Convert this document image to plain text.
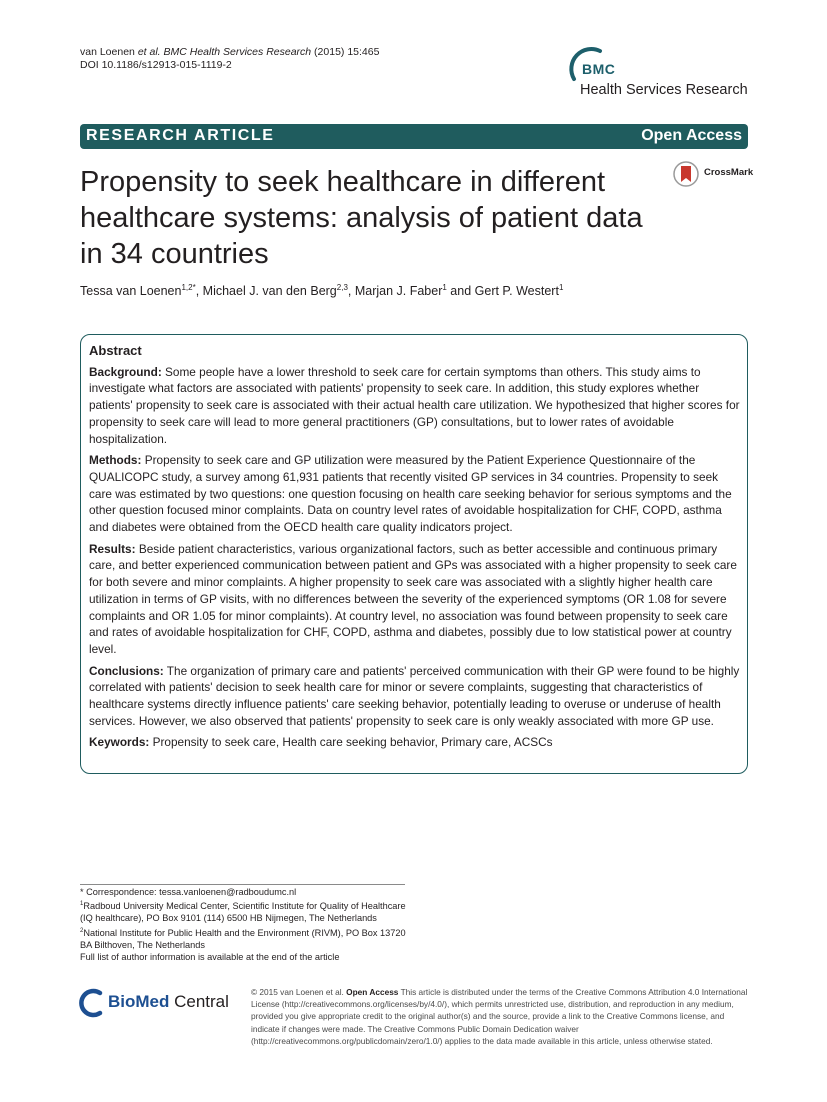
van Loenen et al. BMC Health Services Research (2015) 15:465
DOI 10.1186/s12913-015-1119-2	BMC
Health Services Research
RESEARCH ARTICLE	Open Access
CrossMark
Propensity to seek healthcare in different healthcare systems: analysis of patient data in 34 countries
Tessa van Loenen$^{1,2*}$, Michael J. van den Berg$^{2,3}$, Marjan J. Faber$^1$ and Gert P. Westert$^1$
Abstract

Background: Some people have a lower threshold to seek care for certain symptoms than others. This study aims to investigate what factors are associated with patients' propensity to seek care. In addition, this study explores whether patients' propensity to seek care is associated with their actual health care utilization. We hypothesized that higher scores for propensity to seek care will lead to more general practitioners (GP) consultations, but to lower rates of avoidable hospitalization.

Methods: Propensity to seek care and GP utilization were measured by the Patient Experience Questionnaire of the QUALICOPC study, a survey among 61,931 patients that recently visited GP services in 34 countries. Propensity to seek care was estimated by two questions: one question focusing on health care seeking behavior for serious symptoms and the other question focused minor complaints. Data on country level rates of avoidable hospitalization for CHF, COPD, asthma and diabetes were obtained from the OECD health care quality indicators project.

Results: Beside patient characteristics, various organizational factors, such as better accessible and continuous primary care, and better experienced communication between patient and GPs was associated with a higher propensity to seek care for both severe and minor complaints. A higher propensity to seek care was associated with a slightly higher health care utilization in terms of GP visits, with no differences between the severity of the experienced symptoms (OR 1.08 for severe complaints and OR 1.05 for minor complaints). At country level, no association was found between propensity to seek care and rates of avoidable hospitalization for CHF, COPD, asthma and diabetes, possibly due to low statistical power at country level.

Conclusions: The organization of primary care and patients' perceived communication with their GP were found to be highly correlated with patients' decision to seek health care for minor or severe complaints, suggesting that characteristics of healthcare systems directly influence patients' care seeking behavior, potentially leading to overuse or underuse of health services. However, we also observed that patients' propensity to seek care is only weakly associated with more GP use.

Keywords: Propensity to seek care, Health care seeking behavior, Primary care, ACSCs

* Correspondence: tessa.vanloenen@radboudumc.nl

$^1$Radboud University Medical Center, Scientific Institute for Quality of Healthcare (IQ healthcare), PO Box 9101 (114) 6500 HB Nijmegen, The Netherlands

$^2$National Institute for Public Health and the Environment (RIVM), PO Box 13720 BA Bilthoven, The Netherlands

Full list of author information is available at the end of the article

BioMed Central	© 2015 van Loenen et al. Open Access This article is distributed under the terms of the Creative Commons Attribution 4.0 International License (http://creativecommons.org/licenses/by/4.0/), which permits unrestricted use, distribution, and reproduction in any medium, provided you give appropriate credit to the original author(s) and the source, provide a link to the Creative Commons license, and indicate if changes were made. The Creative Commons Public Domain Dedication waiver (http://creativecommons.org/publicdomain/zero/1.0/) applies to the data made available in this article, unless otherwise stated.
